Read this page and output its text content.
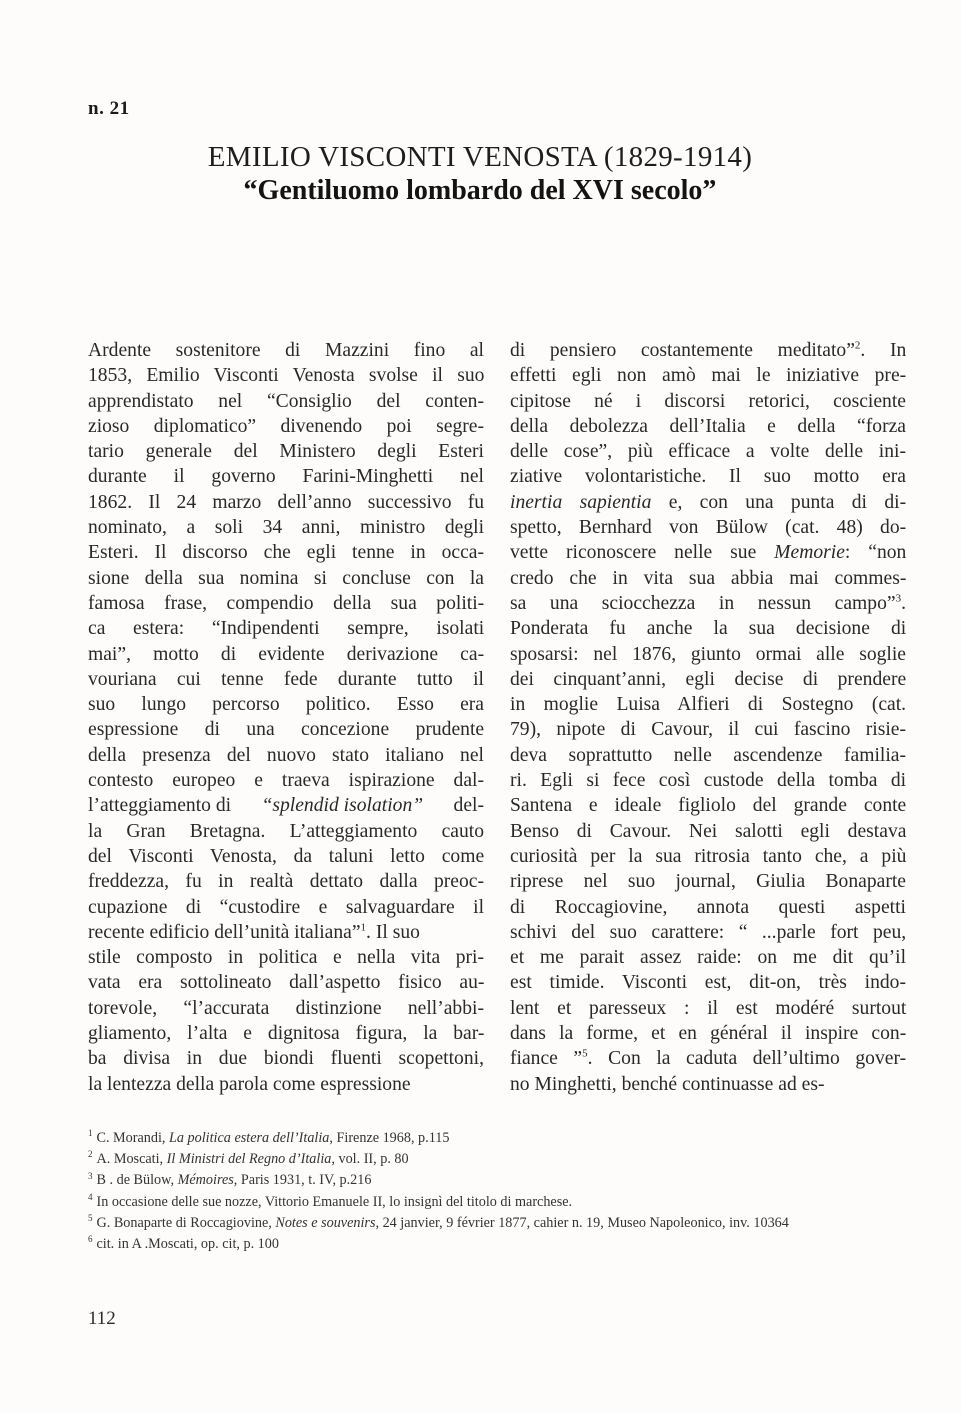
n. 21
EMILIO VISCONTI VENOSTA (1829-1914)
“Gentiluomo lombardo del XVI secolo”
Ardente sostenitore di Mazzini fino al
1853, Emilio Visconti Venosta svolse il suo
apprendistato nel “Consiglio del conten-
zioso diplomatico” divenendo poi segre-
tario generale del Ministero degli Esteri
durante il governo Farini-Minghetti nel
1862. Il 24 marzo dell’anno successivo fu
nominato, a soli 34 anni, ministro degli
Esteri. Il discorso che egli tenne in occa-
sione della sua nomina si concluse con la
famosa frase, compendio della sua politi-
ca estera: “Indipendenti sempre, isolati
mai”, motto di evidente derivazione ca-
vouriana cui tenne fede durante tutto il
suo lungo percorso politico. Esso era
espressione di una concezione prudente
della presenza del nuovo stato italiano nel
contesto europeo e traeva ispirazione dal-
l’atteggiamento di “splendid isolation” del-
la Gran Bretagna. L’atteggiamento cauto
del Visconti Venosta, da taluni letto come
freddezza, fu in realtà dettato dalla preoc-
cupazione di “custodire e salvaguardare il
recente edificio dell’unità italiana”$^1$. Il suo
stile composto in politica e nella vita pri-
vata era sottolineato dall’aspetto fisico au-
torevole, “l’accurata distinzione nell’abbi-
gliamento, l’alta e dignitosa figura, la bar-
ba divisa in due biondi fluenti scopettoni,
la lentezza della parola come espressione
di pensiero costantemente meditato”$^2$. In
effetti egli non amò mai le iniziative pre-
cipitose né i discorsi retorici, cosciente
della debolezza dell’Italia e della “forza
delle cose”, più efficace a volte delle ini-
ziative volontaristiche. Il suo motto era
inertia sapientia e, con una punta di di-
spetto, Bernhard von Bülow (cat. 48) do-
vette riconoscere nelle sue Memorie: “non
credo che in vita sua abbia mai commes-
sa una sciocchezza in nessun campo”$^3$.
Ponderata fu anche la sua decisione di
sposarsi: nel 1876, giunto ormai alle soglie
dei cinquant’anni, egli decise di prendere
in moglie Luisa Alfieri di Sostegno (cat.
79), nipote di Cavour, il cui fascino risie-
deva soprattutto nelle ascendenze familia-
ri. Egli si fece così custode della tomba di
Santena e ideale figliolo del grande conte
Benso di Cavour. Nei salotti egli destava
curiosità per la sua ritrosia tanto che, a più
riprese nel suo journal, Giulia Bonaparte
di Roccagiovine, annota questi aspetti
schivi del suo carattere: “ ...parle fort peu,
et me parait assez raide: on me dit qu’il
est timide. Visconti est, dit-on, très indo-
lent et paresseux : il est modéré surtout
dans la forme, et en général il inspire con-
fiance ”$^5$. Con la caduta dell’ultimo gover-
no Minghetti, benché continuasse ad es-
$^1$ C. Morandi, La politica estera dell’Italia, Firenze 1968, p.115
$^2$ A. Moscati, Il Ministri del Regno d’Italia, vol. II, p. 80
$^3$ B . de Bülow, Mémoires, Paris 1931, t. IV, p.216
$^4$ In occasione delle sue nozze, Vittorio Emanuele II, lo insignì del titolo di marchese.
$^5$ G. Bonaparte di Roccagiovine, Notes e souvenirs, 24 janvier, 9 février 1877, cahier n. 19, Museo Napoleonico, inv. 10364
$^6$ cit. in A .Moscati, op. cit, p. 100
112
